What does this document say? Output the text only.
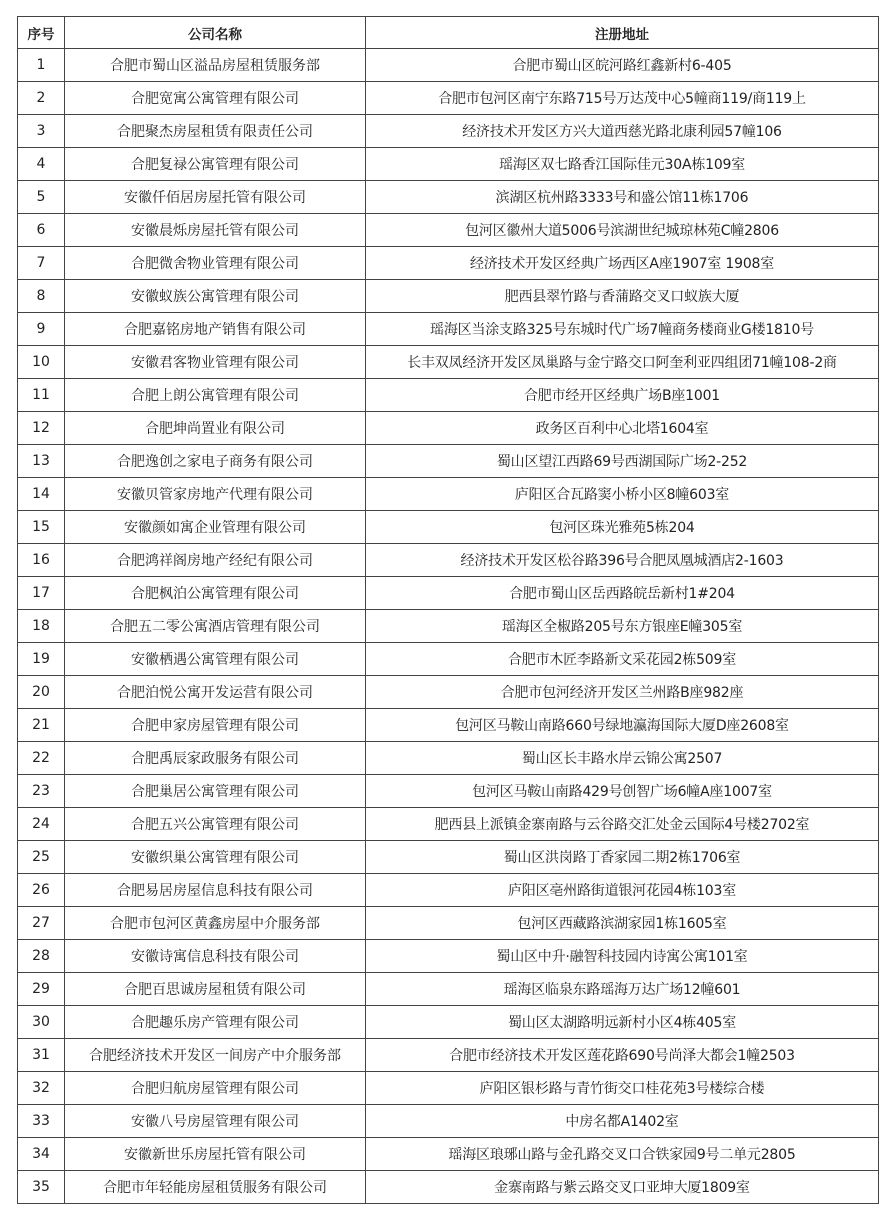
序号	公司名称	注册地址
1	合肥市蜀山区溢品房屋租赁服务部	合肥市蜀山区皖河路红鑫新村6-405
2	合肥宽寓公寓管理有限公司	合肥市包河区南宁东路715号万达茂中心5幢商119/商119上
3	合肥聚杰房屋租赁有限责任公司	经济技术开发区方兴大道西慈光路北康利园57幢106
4	合肥复禄公寓管理有限公司	瑶海区双七路香江国际佳元30A栋109室
5	安徽仟佰居房屋托管有限公司	滨湖区杭州路3333号和盛公馆11栋1706
6	安徽晨烁房屋托管有限公司	包河区徽州大道5006号滨湖世纪城琼林苑C幢2806
7	合肥微舍物业管理有限公司	经济技术开发区经典广场西区A座1907室 1908室
8	安徽蚁族公寓管理有限公司	肥西县翠竹路与香蒲路交叉口蚁族大厦
9	合肥嘉铭房地产销售有限公司	瑶海区当涂支路325号东城时代广场7幢商务楼商业G楼1810号
10	安徽君客物业管理有限公司	长丰双凤经济开发区凤巢路与金宁路交口阿奎利亚四组团71幢108-2商
11	合肥上朗公寓管理有限公司	合肥市经开区经典广场B座1001
12	合肥坤尚置业有限公司	政务区百利中心北塔1604室
13	合肥逸创之家电子商务有限公司	蜀山区望江西路69号西湖国际广场2-252
14	安徽贝管家房地产代理有限公司	庐阳区合瓦路窦小桥小区8幢603室
15	安徽颜如寓企业管理有限公司	包河区珠光雅苑5栋204
16	合肥鸿祥阁房地产经纪有限公司	经济技术开发区松谷路396号合肥凤凰城酒店2-1603
17	合肥枫泊公寓管理有限公司	合肥市蜀山区岳西路皖岳新村1#204
18	合肥五二零公寓酒店管理有限公司	瑶海区全椒路205号东方银座E幢305室
19	安徽栖遇公寓管理有限公司	合肥市木匠李路新文采花园2栋509室
20	合肥泊悦公寓开发运营有限公司	合肥市包河经济开发区兰州路B座982座
21	合肥申家房屋管理有限公司	包河区马鞍山南路660号绿地瀛海国际大厦D座2608室
22	合肥禹辰家政服务有限公司	蜀山区长丰路水岸云锦公寓2507
23	合肥巢居公寓管理有限公司	包河区马鞍山南路429号创智广场6幢A座1007室
24	合肥五兴公寓管理有限公司	肥西县上派镇金寨南路与云谷路交汇处金云国际4号楼2702室
25	安徽织巢公寓管理有限公司	蜀山区洪岗路丁香家园二期2栋1706室
26	合肥易居房屋信息科技有限公司	庐阳区亳州路街道银河花园4栋103室
27	合肥市包河区黄鑫房屋中介服务部	包河区西藏路滨湖家园1栋1605室
28	安徽诗寓信息科技有限公司	蜀山区中升·融智科技园内诗寓公寓101室
29	合肥百思诚房屋租赁有限公司	瑶海区临泉东路瑶海万达广场12幢601
30	合肥趣乐房产管理有限公司	蜀山区太湖路明远新村小区4栋405室
31	合肥经济技术开发区一间房产中介服务部	合肥市经济技术开发区莲花路690号尚泽大都会1幢2503
32	合肥归航房屋管理有限公司	庐阳区银杉路与青竹街交口桂花苑3号楼综合楼
33	安徽八号房屋管理有限公司	中房名都A1402室
34	安徽新世乐房屋托管有限公司	瑶海区琅琊山路与金孔路交叉口合铁家园9号二单元2805
35	合肥市年轻能房屋租赁服务有限公司	金寨南路与紫云路交叉口亚坤大厦1809室
